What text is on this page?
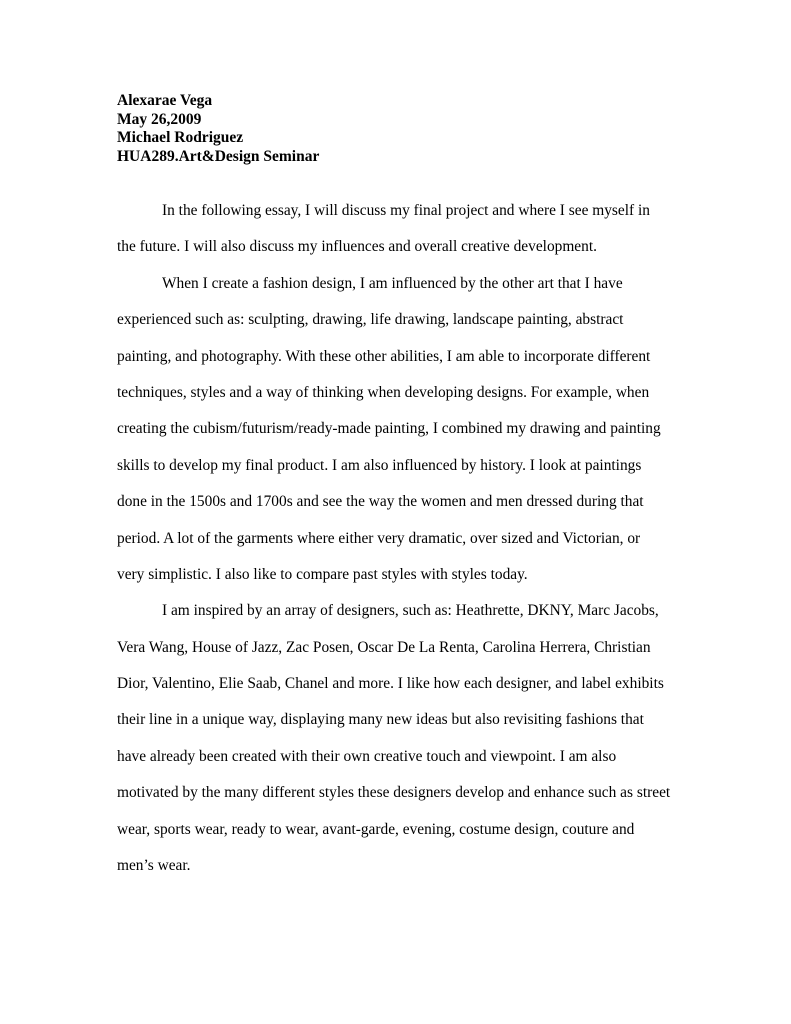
Alexarae Vega
May 26,2009
Michael Rodriguez
HUA289.Art&Design Seminar
In the following essay, I will discuss my final project and where I see myself in
the future. I will also discuss my influences and overall creative development.
When I create a fashion design, I am influenced by the other art that I have
experienced such as: sculpting, drawing, life drawing, landscape painting, abstract
painting, and photography. With these other abilities, I am able to incorporate different
techniques, styles and a way of thinking when developing designs. For example, when
creating the cubism/futurism/ready-made painting, I combined my drawing and painting
skills to develop my final product. I am also influenced by history. I look at paintings
done in the 1500s and 1700s and see the way the women and men dressed during that
period. A lot of the garments where either very dramatic, over sized and Victorian, or
very simplistic. I also like to compare past styles with styles today.
I am inspired by an array of designers, such as: Heathrette, DKNY, Marc Jacobs,
Vera Wang, House of Jazz, Zac Posen, Oscar De La Renta, Carolina Herrera, Christian
Dior, Valentino, Elie Saab, Chanel and more. I like how each designer, and label exhibits
their line in a unique way, displaying many new ideas but also revisiting fashions that
have already been created with their own creative touch and viewpoint. I am also
motivated by the many different styles these designers develop and enhance such as street
wear, sports wear, ready to wear, avant-garde, evening, costume design, couture and
men’s wear.
